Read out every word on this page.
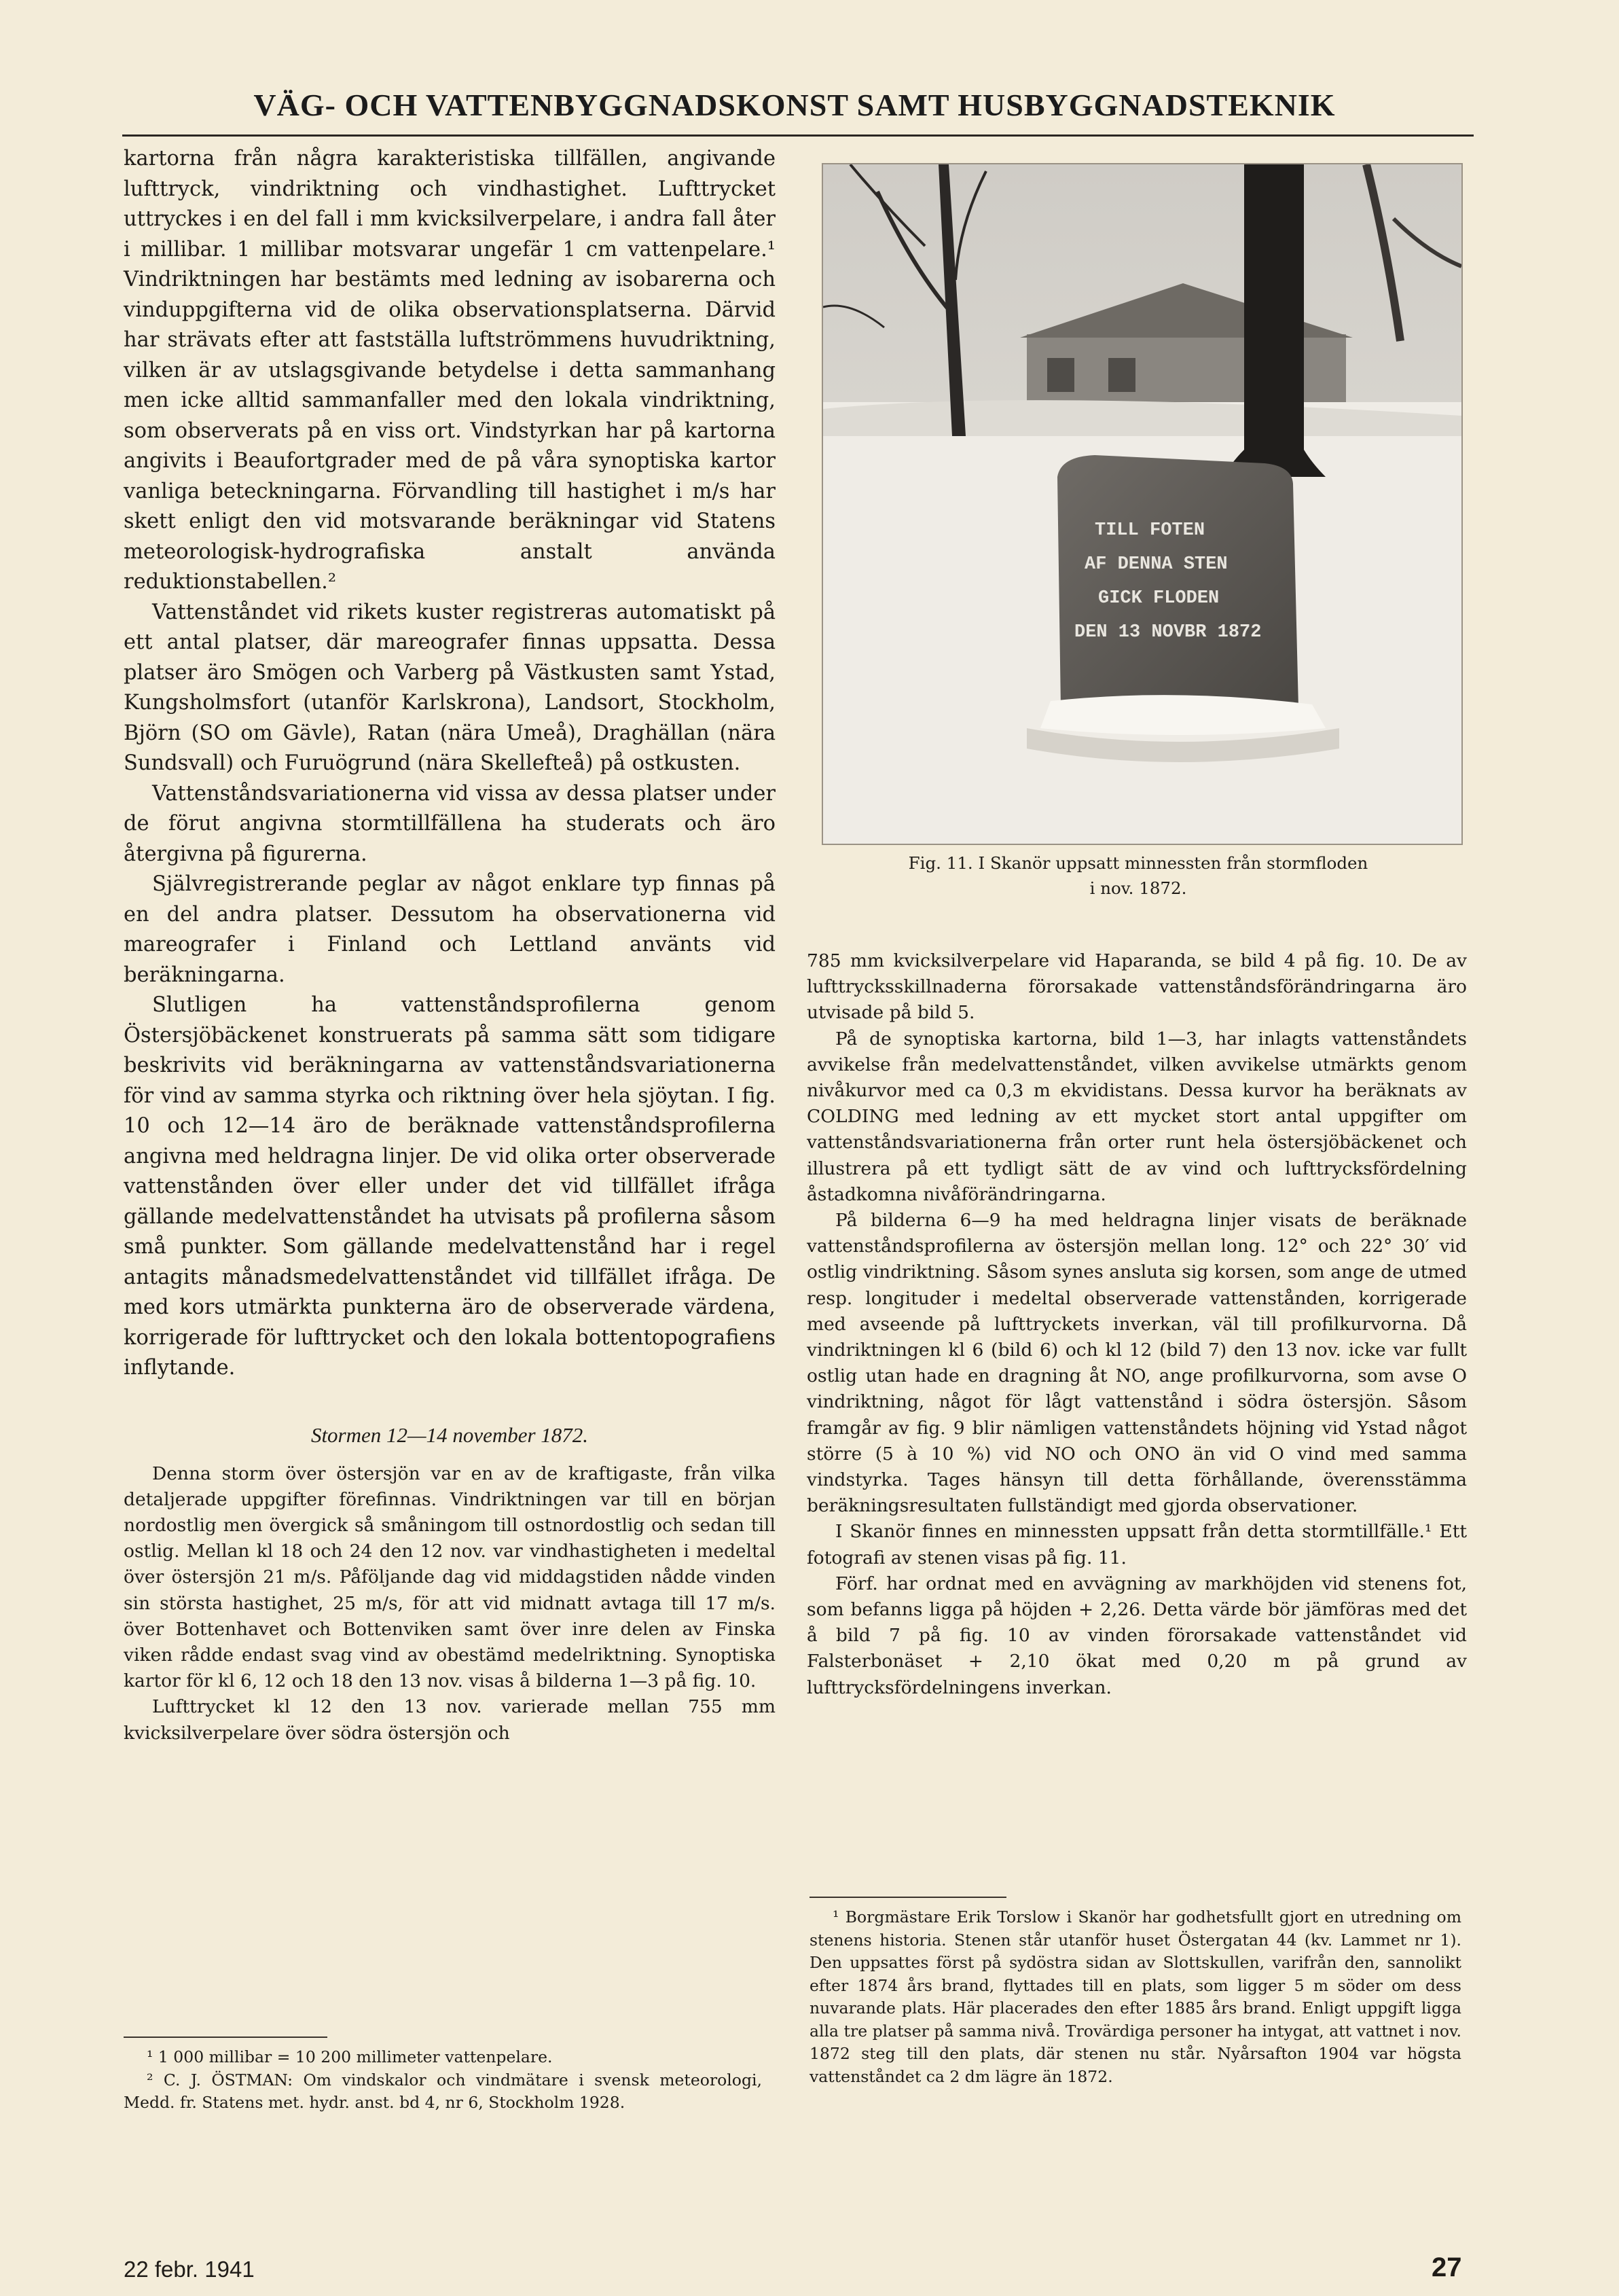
VÄG- OCH VATTENBYGGNADSKONST SAMT HUSBYGGNADSTEKNIK

kartorna från några karakteristiska tillfällen, angivande lufttryck, vindriktning och vindhastighet. Lufttrycket uttryckes i en del fall i mm kvicksilverpelare, i andra fall åter i millibar. 1 millibar motsvarar ungefär 1 cm vattenpelare.¹ Vindriktningen har bestämts med ledning av isobarerna och vinduppgifterna vid de olika observationsplatserna. Därvid har strävats efter att fastställa luftströmmens huvudriktning, vilken är av utslagsgivande betydelse i detta sammanhang men icke alltid sammanfaller med den lokala vindriktning, som observerats på en viss ort. Vindstyrkan har på kartorna angivits i Beaufortgrader med de på våra synoptiska kartor vanliga beteckningarna. Förvandling till hastighet i m/s har skett enligt den vid motsvarande beräkningar vid Statens meteorologisk-hydrografiska anstalt använda reduktionstabellen.²

Vattenståndet vid rikets kuster registreras automatiskt på ett antal platser, där mareografer finnas uppsatta. Dessa platser äro Smögen och Varberg på Västkusten samt Ystad, Kungsholmsfort (utanför Karlskrona), Landsort, Stockholm, Björn (SO om Gävle), Ratan (nära Umeå), Draghällan (nära Sundsvall) och Furuögrund (nära Skellefteå) på ostkusten.

Vattenståndsvariationerna vid vissa av dessa platser under de förut angivna stormtillfällena ha studerats och äro återgivna på figurerna.

Självregistrerande peglar av något enklare typ finnas på en del andra platser. Dessutom ha observationerna vid mareografer i Finland och Lettland använts vid beräkningarna.

Slutligen ha vattenståndsprofilerna genom Östersjöbäckenet konstruerats på samma sätt som tidigare beskrivits vid beräkningarna av vattenståndsvariationerna för vind av samma styrka och riktning över hela sjöytan. I fig. 10 och 12—14 äro de beräknade vattenståndsprofilerna angivna med heldragna linjer. De vid olika orter observerade vattenstånden över eller under det vid tillfället ifråga gällande medelvattenståndet ha utvisats på profilerna såsom små punkter. Som gällande medelvattenstånd har i regel antagits månadsmedelvattenståndet vid tillfället ifråga. De med kors utmärkta punkterna äro de observerade värdena, korrigerade för lufttrycket och den lokala bottentopografiens inflytande.

Stormen 12—14 november 1872.

Denna storm över östersjön var en av de kraftigaste, från vilka detaljerade uppgifter förefinnas. Vindriktningen var till en början nordostlig men övergick så småningom till ostnordostlig och sedan till ostlig. Mellan kl 18 och 24 den 12 nov. var vindhastigheten i medeltal över östersjön 21 m/s. Påföljande dag vid middagstiden nådde vinden sin största hastighet, 25 m/s, för att vid midnatt avtaga till 17 m/s. över Bottenhavet och Bottenviken samt över inre delen av Finska viken rådde endast svag vind av obestämd medelriktning. Synoptiska kartor för kl 6, 12 och 18 den 13 nov. visas å bilderna 1—3 på fig. 10.

Lufttrycket kl 12 den 13 nov. varierade mellan 755 mm kvicksilverpelare över södra östersjön och

¹ 1 000 millibar = 10 200 millimeter vattenpelare.

² C. J. ÖSTMAN: Om vindskalor och vindmätare i svensk meteorologi, Medd. fr. Statens met. hydr. anst. bd 4, nr 6, Stockholm 1928.

TILL FOTEN
AF DENNA STEN
GICK FLODEN
DEN 13 NOVBR 1872
Fig. 11. I Skanör uppsatt minnessten från stormfloden
i nov. 1872.

785 mm kvicksilverpelare vid Haparanda, se bild 4 på fig. 10. De av lufttrycksskillnaderna förorsakade vattenståndsförändringarna äro utvisade på bild 5.

På de synoptiska kartorna, bild 1—3, har inlagts vattenståndets avvikelse från medelvattenståndet, vilken avvikelse utmärkts genom nivåkurvor med ca 0,3 m ekvidistans. Dessa kurvor ha beräknats av COLDING med ledning av ett mycket stort antal uppgifter om vattenståndsvariationerna från orter runt hela östersjöbäckenet och illustrera på ett tydligt sätt de av vind och lufttrycksfördelning åstadkomna nivåförändringarna.

På bilderna 6—9 ha med heldragna linjer visats de beräknade vattenståndsprofilerna av östersjön mellan long. 12° och 22° 30′ vid ostlig vindriktning. Såsom synes ansluta sig korsen, som ange de utmed resp. longituder i medeltal observerade vattenstånden, korrigerade med avseende på lufttryckets inverkan, väl till profilkurvorna. Då vindriktningen kl 6 (bild 6) och kl 12 (bild 7) den 13 nov. icke var fullt ostlig utan hade en dragning åt NO, ange profilkurvorna, som avse O vindriktning, något för lågt vattenstånd i södra östersjön. Såsom framgår av fig. 9 blir nämligen vattenståndets höjning vid Ystad något större (5 à 10 %) vid NO och ONO än vid O vind med samma vindstyrka. Tages hänsyn till detta förhållande, överensstämma beräkningsresultaten fullständigt med gjorda observationer.

I Skanör finnes en minnessten uppsatt från detta stormtillfälle.¹ Ett fotografi av stenen visas på fig. 11.

Förf. har ordnat med en avvägning av markhöjden vid stenens fot, som befanns ligga på höjden + 2,26. Detta värde bör jämföras med det å bild 7 på fig. 10 av vinden förorsakade vattenståndet vid Falsterbonäset + 2,10 ökat med 0,20 m på grund av lufttrycksfördelningens inverkan.

¹ Borgmästare Erik Torslow i Skanör har godhetsfullt gjort en utredning om stenens historia. Stenen står utanför huset Östergatan 44 (kv. Lammet nr 1). Den uppsattes först på sydöstra sidan av Slottskullen, varifrån den, sannolikt efter 1874 års brand, flyttades till en plats, som ligger 5 m söder om dess nuvarande plats. Här placerades den efter 1885 års brand. Enligt uppgift ligga alla tre platser på samma nivå. Trovärdiga personer ha intygat, att vattnet i nov. 1872 steg till den plats, där stenen nu står. Nyårsafton 1904 var högsta vattenståndet ca 2 dm lägre än 1872.

22 febr. 1941	27
